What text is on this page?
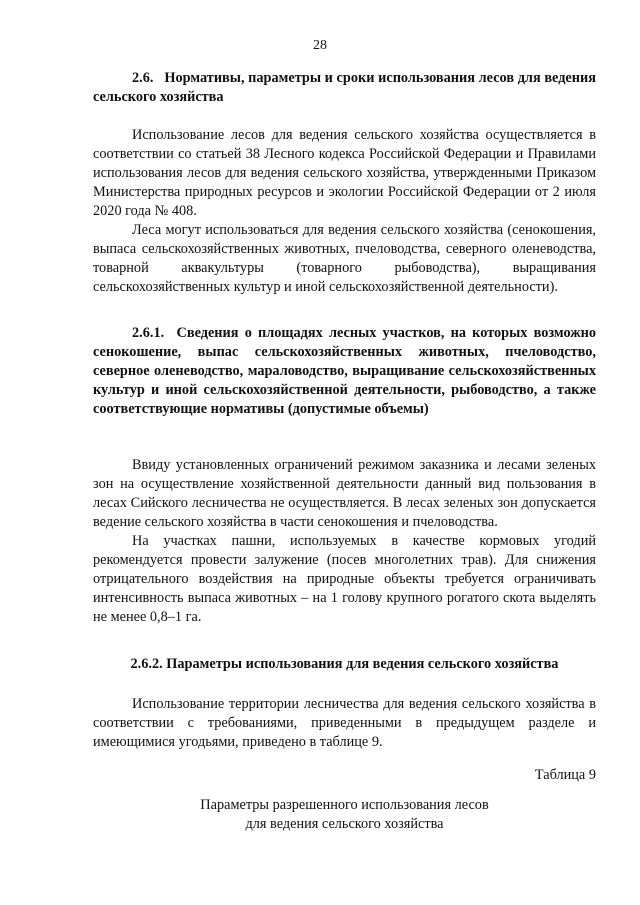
28

2.6. Нормативы, параметры и сроки использования лесов для ведения сельского хозяйства

Использование лесов для ведения сельского хозяйства осуществляется в соответствии со статьей 38 Лесного кодекса Российской Федерации и Правилами использования лесов для ведения сельского хозяйства, утвержденными Приказом Министерства природных ресурсов и экологии Российской Федерации от 2 июля 2020 года № 408.

Леса могут использоваться для ведения сельского хозяйства (сенокошения, выпаса сельскохозяйственных животных, пчеловодства, северного оленеводства, товарной аквакультуры (товарного рыбоводства), выращивания сельскохозяйственных культур и иной сельскохозяйственной деятельности).

2.6.1. Сведения о площадях лесных участков, на которых возможно сенокошение, выпас сельскохозяйственных животных, пчеловодство, северное оленеводство, мараловодство, выращивание сельскохозяйственных культур и иной сельскохозяйственной деятельности, рыбоводство, а также соответствующие нормативы (допустимые объемы)

Ввиду установленных ограничений режимом заказника и лесами зеленых зон на осуществление хозяйственной деятельности данный вид пользования в лесах Сийского лесничества не осуществляется. В лесах зеленых зон допускается ведение сельского хозяйства в части сенокошения и пчеловодства.

На участках пашни, используемых в качестве кормовых угодий рекомендуется провести залужение (посев многолетних трав). Для снижения отрицательного воздействия на природные объекты требуется ограничивать интенсивность выпаса животных – на 1 голову крупного рогатого скота выделять не менее 0,8–1 га.

2.6.2. Параметры использования для ведения сельского хозяйства

Использование территории лесничества для ведения сельского хозяйства в соответствии с требованиями, приведенными в предыдущем разделе и имеющимися угодьями, приведено в таблице 9.

Таблица 9

Параметры разрешенного использования лесов

для ведения сельского хозяйства
